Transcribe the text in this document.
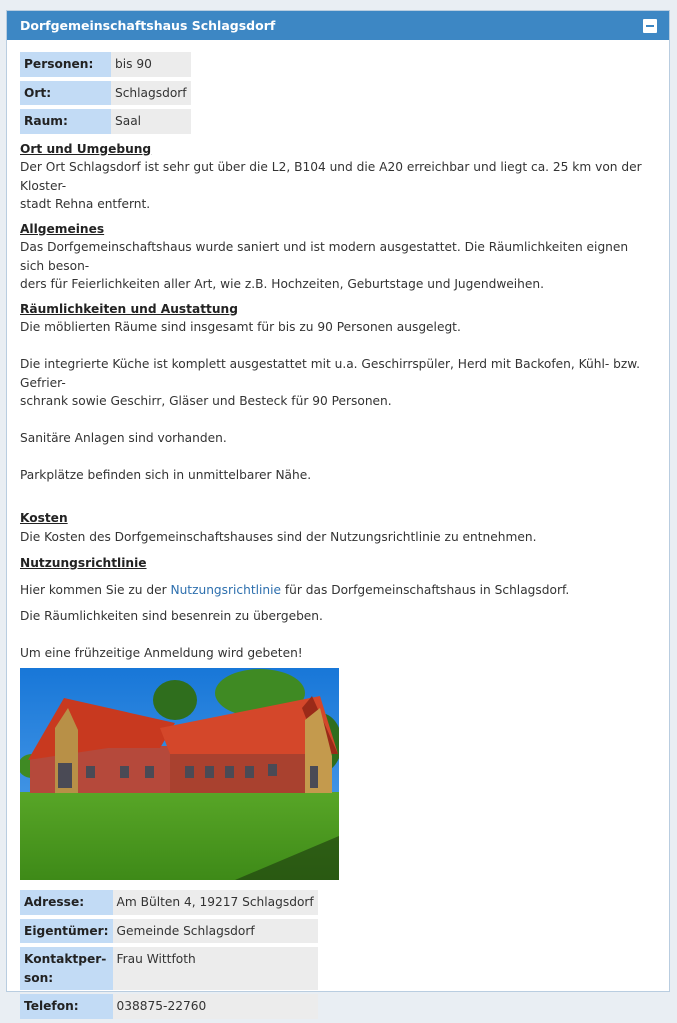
Dorfgemeinschaftshaus Schlagsdorf
Personen:	bis 90
Ort:	Schlagsdorf
Raum:	Saal
Ort und Umgebung

Der Ort Schlagsdorf ist sehr gut über die L2, B104 und die A20 erreichbar und liegt ca. 25 km von der Kloster-

stadt Rehna entfernt.

Allgemeines

Das Dorfgemeinschaftshaus wurde saniert und ist modern ausgestattet. Die Räumlichkeiten eignen sich beson-

ders für Feierlichkeiten aller Art, wie z.B. Hochzeiten, Geburtstage und Jugendweihen.

Räumlichkeiten und Austattung

Die möblierten Räume sind insgesamt für bis zu 90 Personen ausgelegt.

Die integrierte Küche ist komplett ausgestattet mit u.a. Geschirrspüler, Herd mit Backofen, Kühl- bzw. Gefrier-

schrank sowie Geschirr, Gläser und Besteck für 90 Personen.

Sanitäre Anlagen sind vorhanden.

Parkplätze befinden sich in unmittelbarer Nähe.

Kosten

Die Kosten des Dorfgemeinschaftshauses sind der Nutzungsrichtlinie zu entnehmen.

Nutzungsrichtlinie

Hier kommen Sie zu der Nutzungsrichtlinie für das Dorfgemeinschaftshaus in Schlagsdorf.

Die Räumlichkeiten sind besenrein zu übergeben.

Um eine frühzeitige Anmeldung wird gebeten!

Adresse:	Am Bülten 4, 19217 Schlagsdorf
Eigentümer:	Gemeinde Schlagsdorf
Kontaktper-
son:	Frau Wittfoth
Telefon:	038875-22760
